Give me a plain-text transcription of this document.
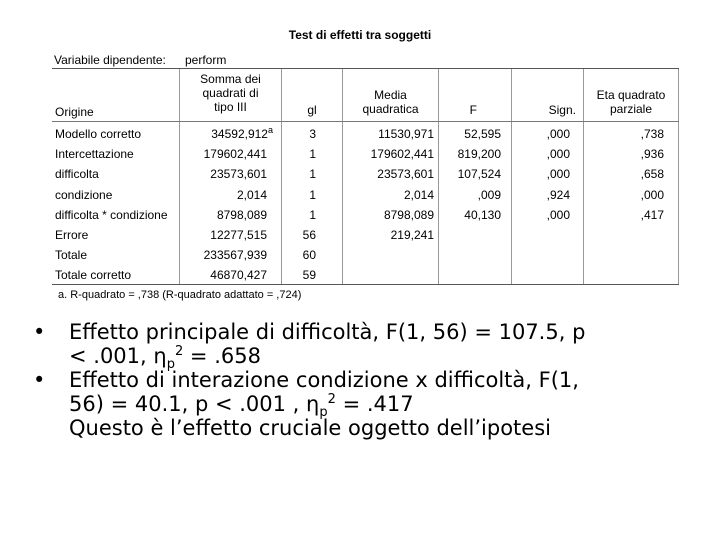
Test di effetti tra soggetti
Variabile dipendente: perform
Origine
Somma dei
quadrati di
tipo III	gl
Media
quadratica	F	Sign.
Eta quadrato
parziale
Modello corretto	34592,912$^a$	3	11530,971	52,595	,000	,738
Intercettazione	179602,441	1	179602,441 819,200	,000	,936
difficolta	23573,601	1	23573,601 107,524	,000	,658
condizione	2,014	1	2,014	,009	,924	,000
difficolta * condizione	8798,089	1	8798,089	40,130	,000	,417
Errore	12277,515	56	219,241
Totale	233567,939	60
Totale corretto	46870,427	59
a. R-quadrato = ,738 (R-quadrato adattato = ,724)
• Effetto principale di difficoltà, F(1, 56) = 107.5, p
< .001, $\eta_p^2 = .658$
• Effetto di interazione condizione x difficoltà, F(1,
56) = 40.1, p < .001 , $\eta_p^2 = .417$
Questo è l’effetto cruciale oggetto dell’ipotesi
